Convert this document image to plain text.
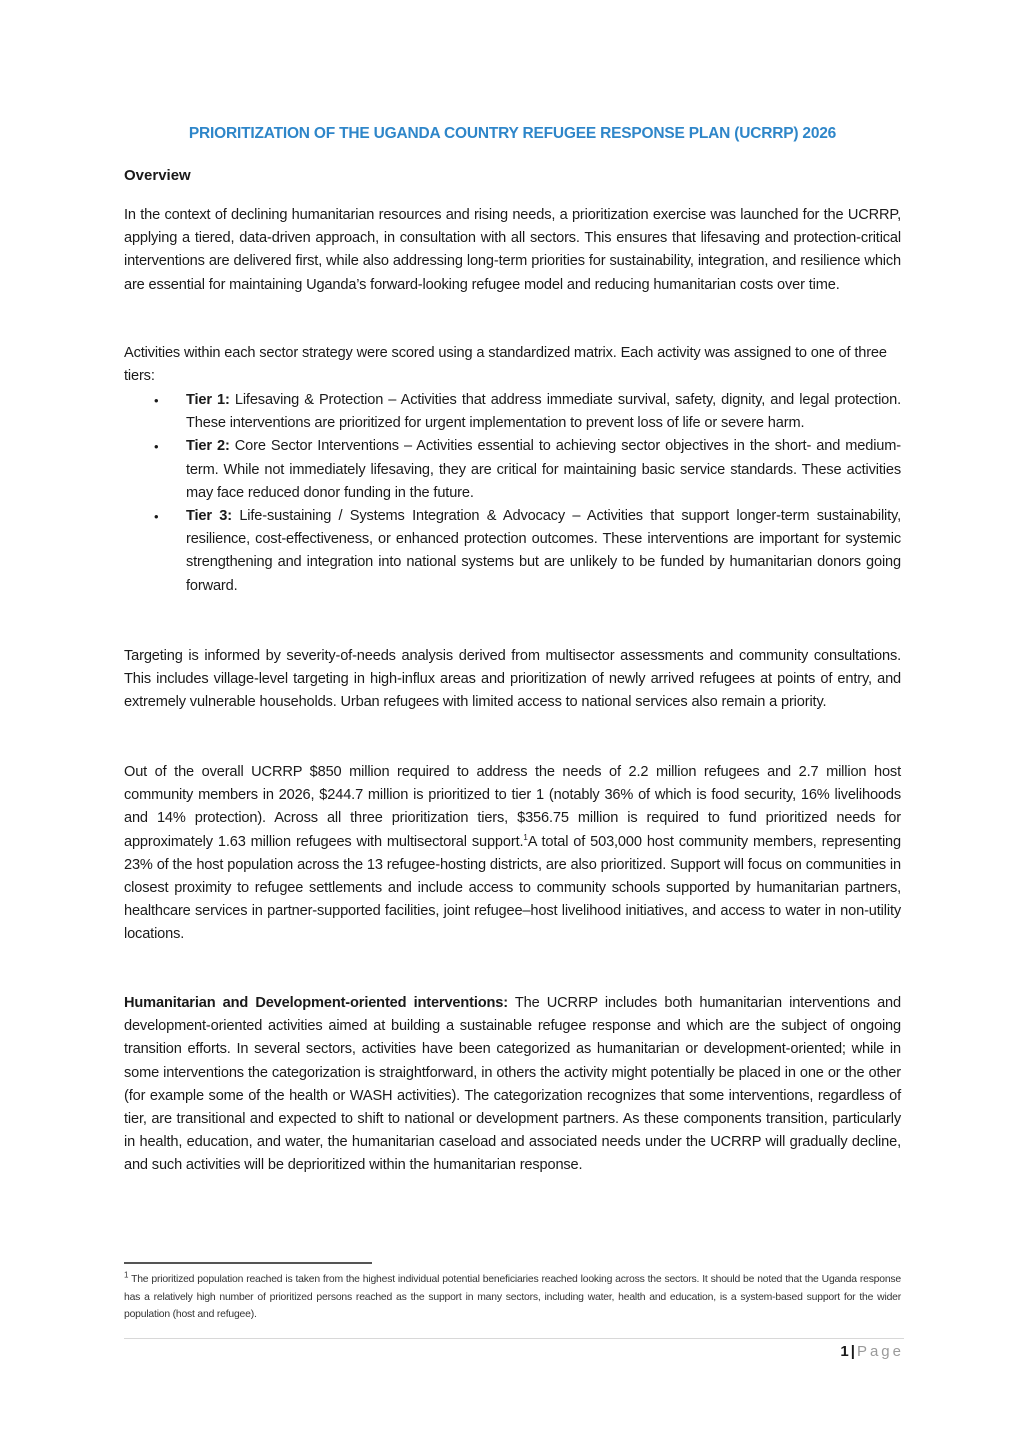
PRIORITIZATION OF THE UGANDA COUNTRY REFUGEE RESPONSE PLAN (UCRRP) 2026
Overview

In the context of declining humanitarian resources and rising needs, a prioritization exercise was launched for the UCRRP, applying a tiered, data-driven approach, in consultation with all sectors. This ensures that lifesaving and protection-critical interventions are delivered first, while also addressing long-term priorities for sustainability, integration, and resilience which are essential for maintaining Uganda’s forward-looking refugee model and reducing humanitarian costs over time.

Activities within each sector strategy were scored using a standardized matrix. Each activity was assigned to one of three tiers:

• Tier 1: Lifesaving & Protection – Activities that address immediate survival, safety, dignity, and legal protection. These interventions are prioritized for urgent implementation to prevent loss of life or severe harm.
• Tier 2: Core Sector Interventions – Activities essential to achieving sector objectives in the short- and medium-term. While not immediately lifesaving, they are critical for maintaining basic service standards. These activities may face reduced donor funding in the future.
• Tier 3: Life-sustaining / Systems Integration & Advocacy – Activities that support longer-term sustainability, resilience, cost-effectiveness, or enhanced protection outcomes. These interventions are important for systemic strengthening and integration into national systems but are unlikely to be funded by humanitarian donors going forward.

Targeting is informed by severity-of-needs analysis derived from multisector assessments and community consultations. This includes village-level targeting in high-influx areas and prioritization of newly arrived refugees at points of entry, and extremely vulnerable households. Urban refugees with limited access to national services also remain a priority.

Out of the overall UCRRP $850 million required to address the needs of 2.2 million refugees and 2.7 million host community members in 2026, $244.7 million is prioritized to tier 1 (notably 36% of which is food security, 16% livelihoods and 14% protection). Across all three prioritization tiers, $356.75 million is required to fund prioritized needs for approximately 1.63 million refugees with multisectoral support.$^1$A total of 503,000 host community members, representing 23% of the host population across the 13 refugee-hosting districts, are also prioritized. Support will focus on communities in closest proximity to refugee settlements and include access to community schools supported by humanitarian partners, healthcare services in partner-supported facilities, joint refugee–host livelihood initiatives, and access to water in non-utility locations.

Humanitarian and Development-oriented interventions: The UCRRP includes both humanitarian interventions and development-oriented activities aimed at building a sustainable refugee response and which are the subject of ongoing transition efforts. In several sectors, activities have been categorized as humanitarian or development-oriented; while in some interventions the categorization is straightforward, in others the activity might potentially be placed in one or the other (for example some of the health or WASH activities). The categorization recognizes that some interventions, regardless of tier, are transitional and expected to shift to national or development partners. As these components transition, particularly in health, education, and water, the humanitarian caseload and associated needs under the UCRRP will gradually decline, and such activities will be deprioritized within the humanitarian response.

$^1$ The prioritized population reached is taken from the highest individual potential beneficiaries reached looking across the sectors. It should be noted that the Uganda response has a relatively high number of prioritized persons reached as the support in many sectors, including water, health and education, is a system-based support for the wider population (host and refugee).
1 | Page
